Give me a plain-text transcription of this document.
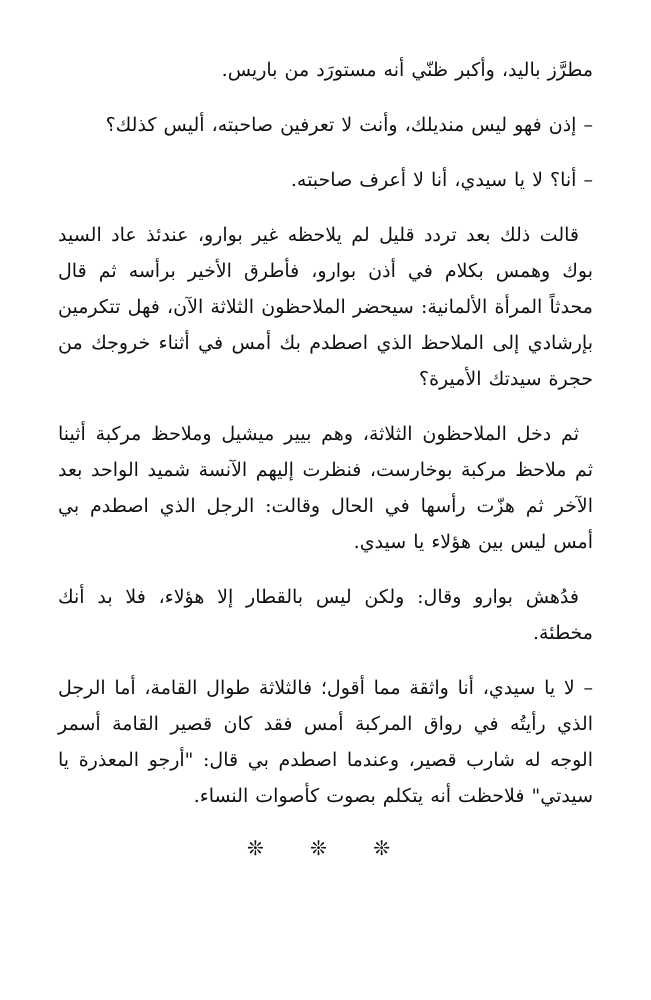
مطرَّز باليد، وأكبر ظنّي أنه مستورَد من باريس.

– إذن فهو ليس منديلك، وأنت لا تعرفين صاحبته، أليس كذلك؟

– أنا؟ لا يا سيدي، أنا لا أعرف صاحبته.

قالت ذلك بعد تردد قليل لم يلاحظه غير بوارو، عندئذ عاد السيد بوك وهمس بكلام في أذن بوارو، فأطرق الأخير برأسه ثم قال محدثاً المرأة الألمانية: سيحضر الملاحظون الثلاثة الآن، فهل تتكرمين بإرشادي إلى الملاحظ الذي اصطدم بك أمس في أثناء خروجك من حجرة سيدتك الأميرة؟

ثم دخل الملاحظون الثلاثة، وهم بيير ميشيل وملاحظ مركبة أثينا ثم ملاحظ مركبة بوخارست، فنظرت إليهم الآنسة شميد الواحد بعد الآخر ثم هزّت رأسها في الحال وقالت: الرجل الذي اصطدم بي أمس ليس بين هؤلاء يا سيدي.

فدُهش بوارو وقال: ولكن ليس بالقطار إلا هؤلاء، فلا بد أنك مخطئة.

– لا يا سيدي، أنا واثقة مما أقول؛ فالثلاثة طوال القامة، أما الرجل الذي رأيتُه في رواق المركبة أمس فقد كان قصير القامة أسمر الوجه له شارب قصير، وعندما اصطدم بي قال: "أرجو المعذرة يا سيدتي" فلاحظت أنه يتكلم بصوت كأصوات النساء.

❊ ❊ ❊
